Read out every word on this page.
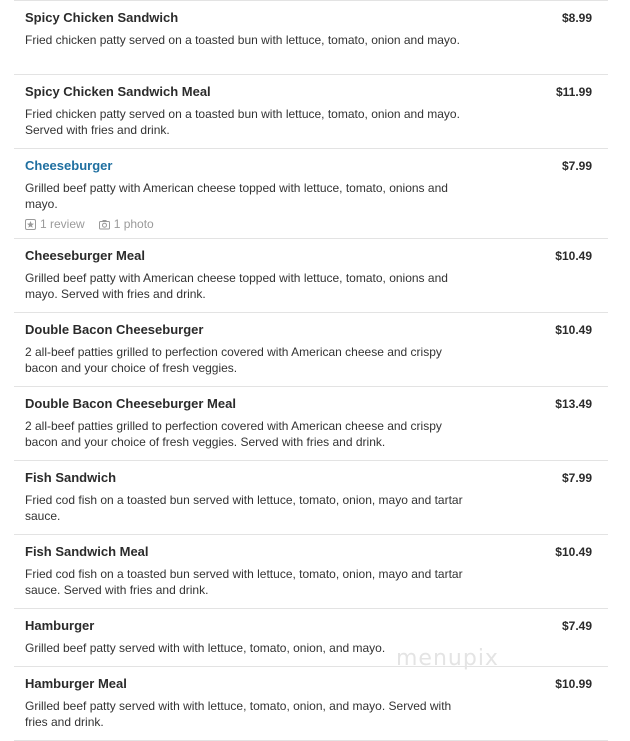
Spicy Chicken Sandwich	$8.99
Fried chicken patty served on a toasted bun with lettuce, tomato, onion and mayo.
Spicy Chicken Sandwich Meal	$11.99
Fried chicken patty served on a toasted bun with lettuce, tomato, onion and mayo. Served with fries and drink.
Cheeseburger	$7.99
Grilled beef patty with American cheese topped with lettuce, tomato, onions and mayo.
1 review 1 photo
Cheeseburger Meal	$10.49
Grilled beef patty with American cheese topped with lettuce, tomato, onions and mayo. Served with fries and drink.
Double Bacon Cheeseburger	$10.49
2 all-beef patties grilled to perfection covered with American cheese and crispy bacon and your choice of fresh veggies.
Double Bacon Cheeseburger Meal	$13.49
2 all-beef patties grilled to perfection covered with American cheese and crispy bacon and your choice of fresh veggies. Served with fries and drink.
Fish Sandwich	$7.99
Fried cod fish on a toasted bun served with lettuce, tomato, onion, mayo and tartar sauce.
Fish Sandwich Meal	$10.49
Fried cod fish on a toasted bun served with lettuce, tomato, onion, mayo and tartar sauce. Served with fries and drink.
Hamburger	$7.49
Grilled beef patty served with with lettuce, tomato, onion, and mayo.
Hamburger Meal	$10.99
Grilled beef patty served with with lettuce, tomato, onion, and mayo. Served with fries and drink.
menupix
